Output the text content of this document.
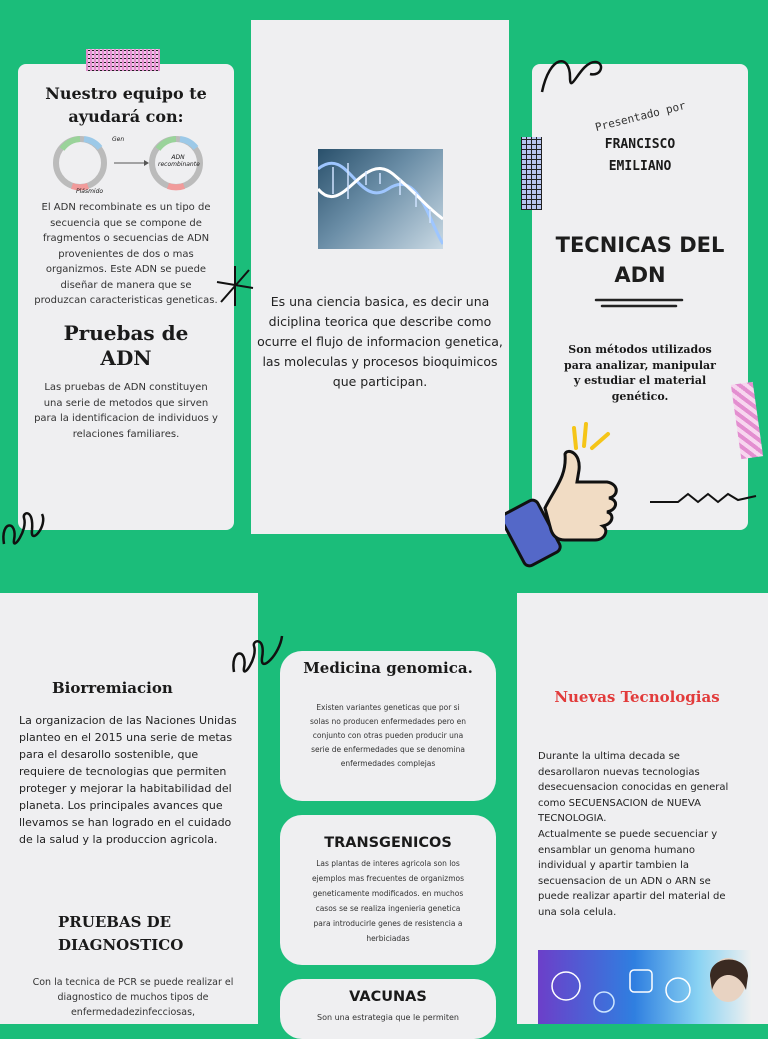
Nuestro equipo te ayudará con:
Gen
Plásmido
ADN
recombinante
El ADN recombinate es un tipo de secuencia que se compone de fragmentos o secuencias de ADN provenientes de dos o mas organizmos. Este ADN se puede diseñar de manera que se produzcan caracteristicas geneticas.
Pruebas de ADN
Las pruebas de ADN constituyen una serie de metodos que sirven para la identificacion de individuos y relaciones familiares.
Es una ciencia basica, es decir una diciplina teorica que describe como ocurre el flujo de informacion genetica, las moleculas y procesos bioquimicos que participan.
Presentado por
FRANCISCO
EMILIANO
TECNICAS DEL ADN
Son métodos utilizados para analizar, manipular y estudiar el material genético.
Biorremiacion
La organizacion de las Naciones Unidas planteo en el 2015 una serie de metas para el desarollo sostenible, que requiere de tecnologias que permiten proteger y mejorar la habitabilidad del planeta. Los principales avances que llevamos se han logrado en el cuidado de la salud y la produccion agricola.
PRUEBAS DE DIAGNOSTICO
Con la tecnica de PCR se puede realizar el diagnostico de muchos tipos de enfermedadezinfecciosas,
Medicina genomica.
Existen variantes geneticas que por si solas no producen enfermedades pero en conjunto con otras pueden producir una serie de enfermedades que se denomina enfermedades complejas
TRANSGENICOS
Las plantas de interes agricola son los ejemplos mas frecuentes de organizmos geneticamente modificados. en muchos casos se se realiza ingenieria genetica para introducirle genes de resistencia a herbiciadas
VACUNAS
Son una estrategia que le permiten
Nuevas Tecnologias
Durante la ultima decada se desarollaron nuevas tecnologias desecuensacion conocidas en general como SECUENSACION de NUEVA TECNOLOGIA.
Actualmente se puede secuenciar y ensamblar un genoma humano individual y apartir tambien la secuensacion de un ADN o ARN se puede realizar apartir del material de una sola celula.
